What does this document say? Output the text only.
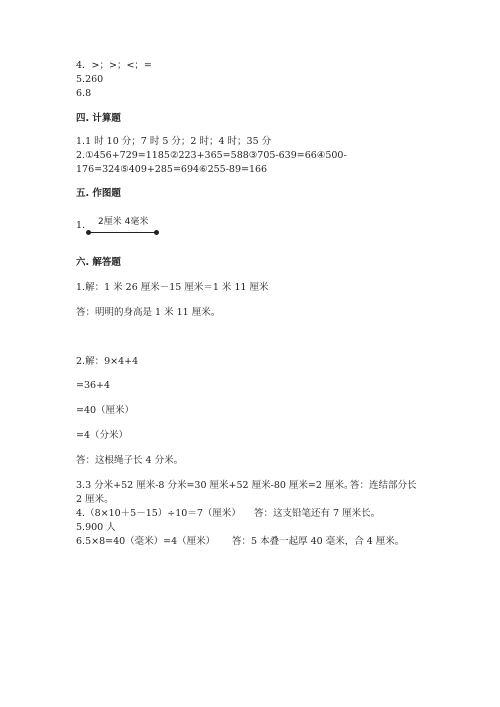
4．>；>；<；=
5.260
6.8
四. 计算题
1.1 时 10 分；7 时 5 分；2 时；4 时；35 分
2.①456+729=1185②223+365=588③705-639=66④500-
176=324⑤409+285=694⑥255-89=166
五. 作图题
1. 2厘米 4毫米
六. 解答题
1.解：1 米 26 厘米－15 厘米＝1 米 11 厘米
答：明明的身高是 1 米 11 厘米。
2.解：9×4+4
=36+4
=40（厘米）
=4（分米）
答：这根绳子长 4 分米。
3.3 分米+52 厘米-8 分米=30 厘米+52 厘米-80 厘米=2 厘米。
答：连结部分长
2 厘米。
4.（8×10＋5－15）÷10＝7（厘米） 答：这支铅笔还有 7 厘米长。
5.900 人
6.5×8=40（毫米）=4（厘米） 答：5 本叠一起厚 40 毫米，合 4 厘米。
